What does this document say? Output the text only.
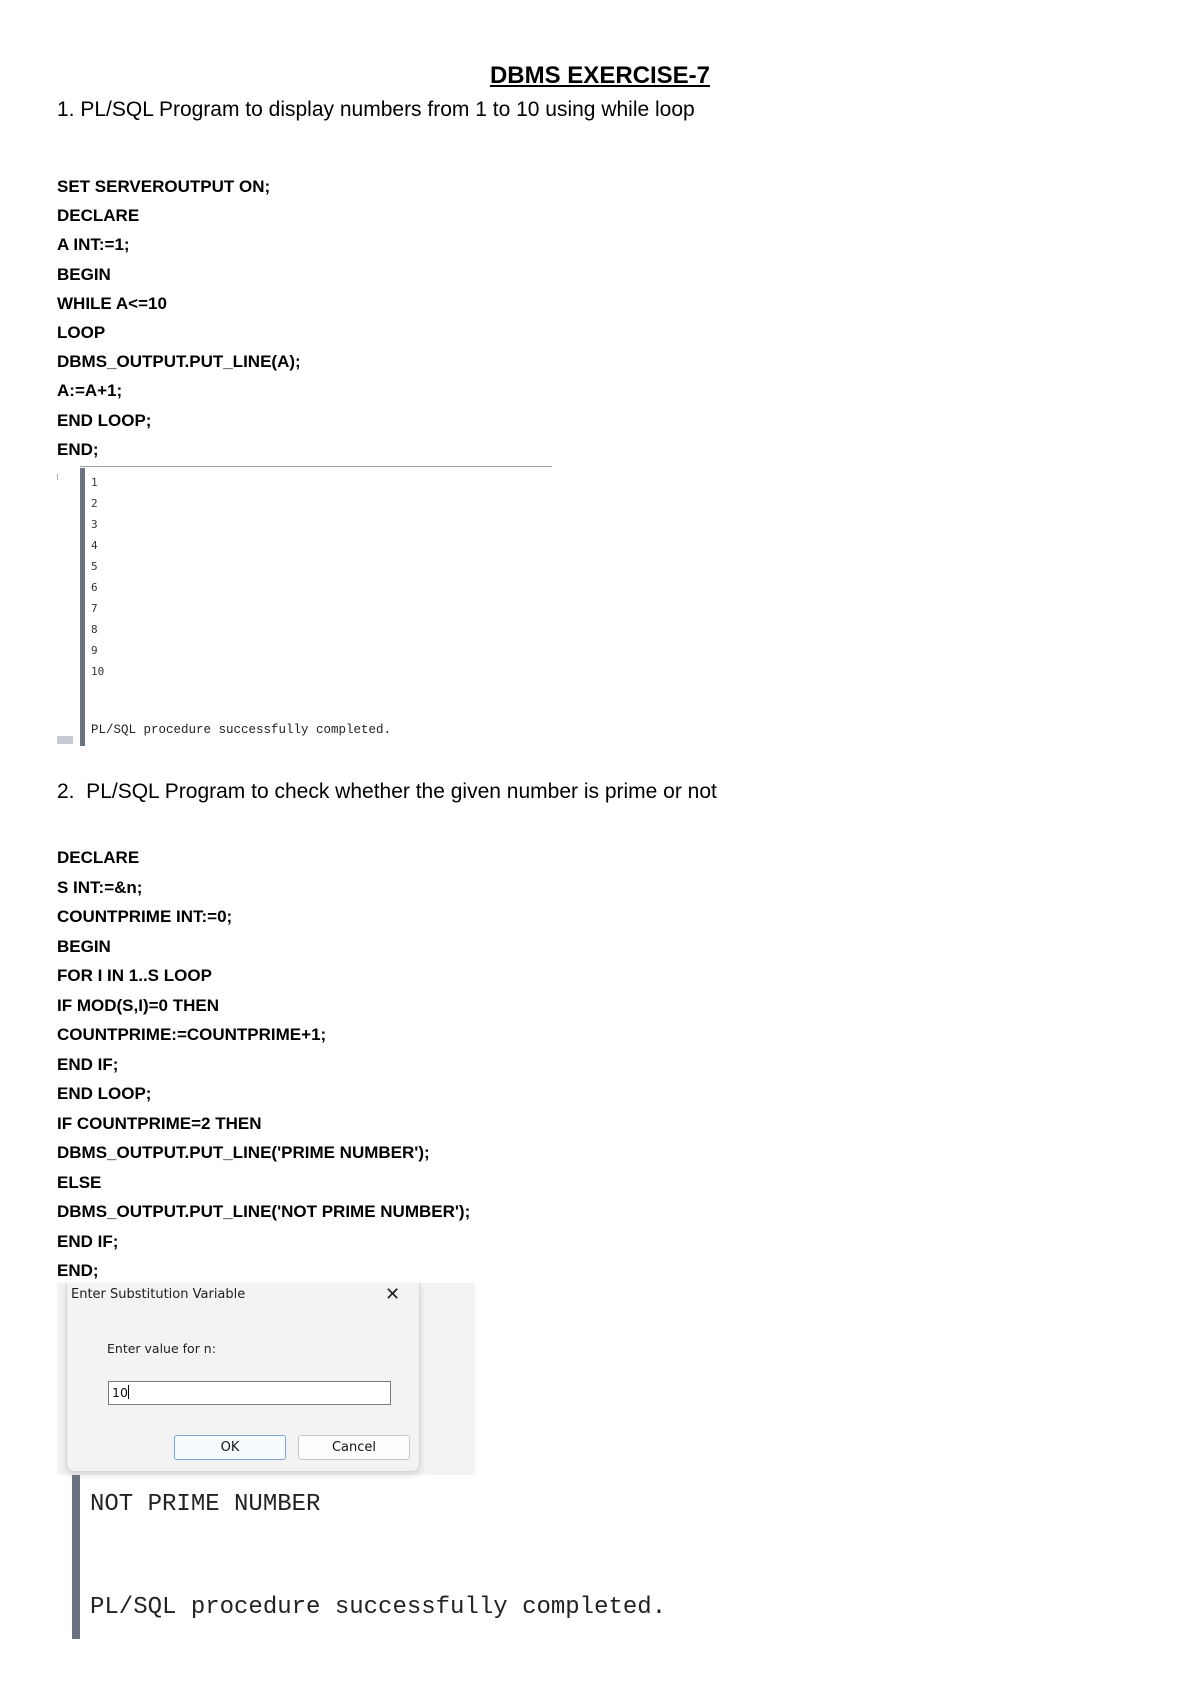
DBMS EXERCISE-7
1. PL/SQL Program to display numbers from 1 to 10 using while loop
SET SERVEROUTPUT ON;
DECLARE
A INT:=1;
BEGIN
WHILE A<=10
LOOP
DBMS_OUTPUT.PUT_LINE(A);
A:=A+1;
END LOOP;
END;
1
2
3
4
5
6
7
8
9
10
PL/SQL procedure successfully completed.
2.  PL/SQL Program to check whether the given number is prime or not
DECLARE
S INT:=&n;
COUNTPRIME INT:=0;
BEGIN
FOR I IN 1..S LOOP
IF MOD(S,I)=0 THEN
COUNTPRIME:=COUNTPRIME+1;
END IF;
END LOOP;
IF COUNTPRIME=2 THEN
DBMS_OUTPUT.PUT_LINE('PRIME NUMBER');
ELSE
DBMS_OUTPUT.PUT_LINE('NOT PRIME NUMBER');
END IF;
END;
Enter Substitution Variable	✕
Enter value for n:
10
OK	Cancel
NOT PRIME NUMBER
PL/SQL procedure successfully completed.
